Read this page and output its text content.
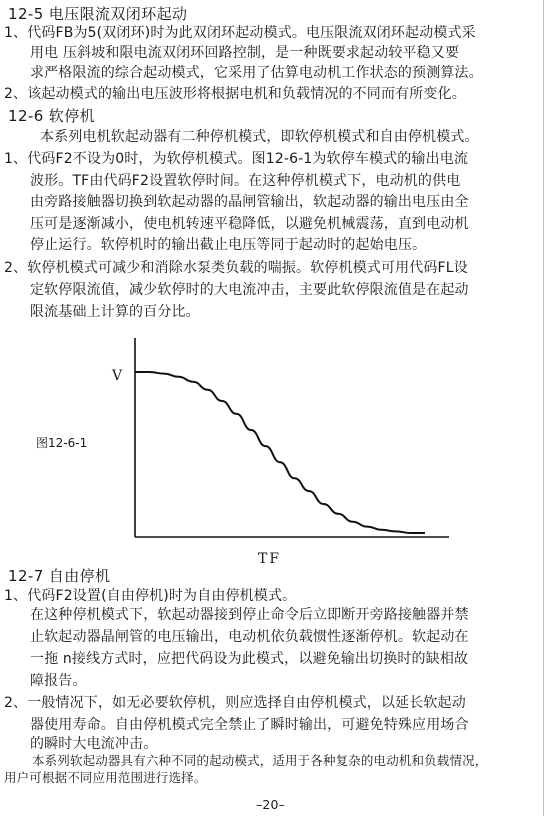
12-5 电压限流双闭环起动
1、代码FB为5(双闭环)时为此双闭环起动模式。电压限流双闭环起动模式采
用电 压斜坡和限电流双闭环回路控制，是一种既要求起动较平稳又要
求严格限流的综合起动模式，它采用了估算电动机工作状态的预测算法。
2、该起动模式的输出电压波形将根据电机和负载情况的不同而有所变化。
12-6 软停机
本系列电机软起动器有二种停机模式，即软停机模式和自由停机模式。
1、代码F2不设为0时，为软停机模式。图12-6-1为软停车模式的输出电流
波形。TF由代码F2设置软停时间。在这种停机模式下，电动机的供电
由旁路接触器切换到软起动器的晶闸管输出，软起动器的输出电压由全
压可是逐渐减小，使电机转速平稳降低，以避免机械震荡，直到电动机
停止运行。软停机时的输出截止电压等同于起动时的起始电压。
2、软停机模式可减少和消除水泵类负载的喘振。软停机模式可用代码FL设
定软停限流值，减少软停时的大电流冲击，主要此软停限流值是在起动
限流基础上计算的百分比。
V
图12-6-1
TF
12-7 自由停机
1、代码F2设置(自由停机)时为自由停机模式。
在这种停机模式下，软起动器接到停止命令后立即断开旁路接触器并禁
止软起动器晶闸管的电压输出，电动机依负载惯性逐渐停机。软起动在
一拖 n接线方式时，应把代码设为此模式，以避免输出切换时的缺相故
障报告。
2、一般情况下，如无必要软停机，则应选择自由停机模式，以延长软起动
器使用寿命。自由停机模式完全禁止了瞬时输出，可避免特殊应用场合
的瞬时大电流冲击。
本系列软起动器具有六种不同的起动模式，适用于各种复杂的电动机和负载情况，
用户可根据不同应用范围进行选择。
–20–
